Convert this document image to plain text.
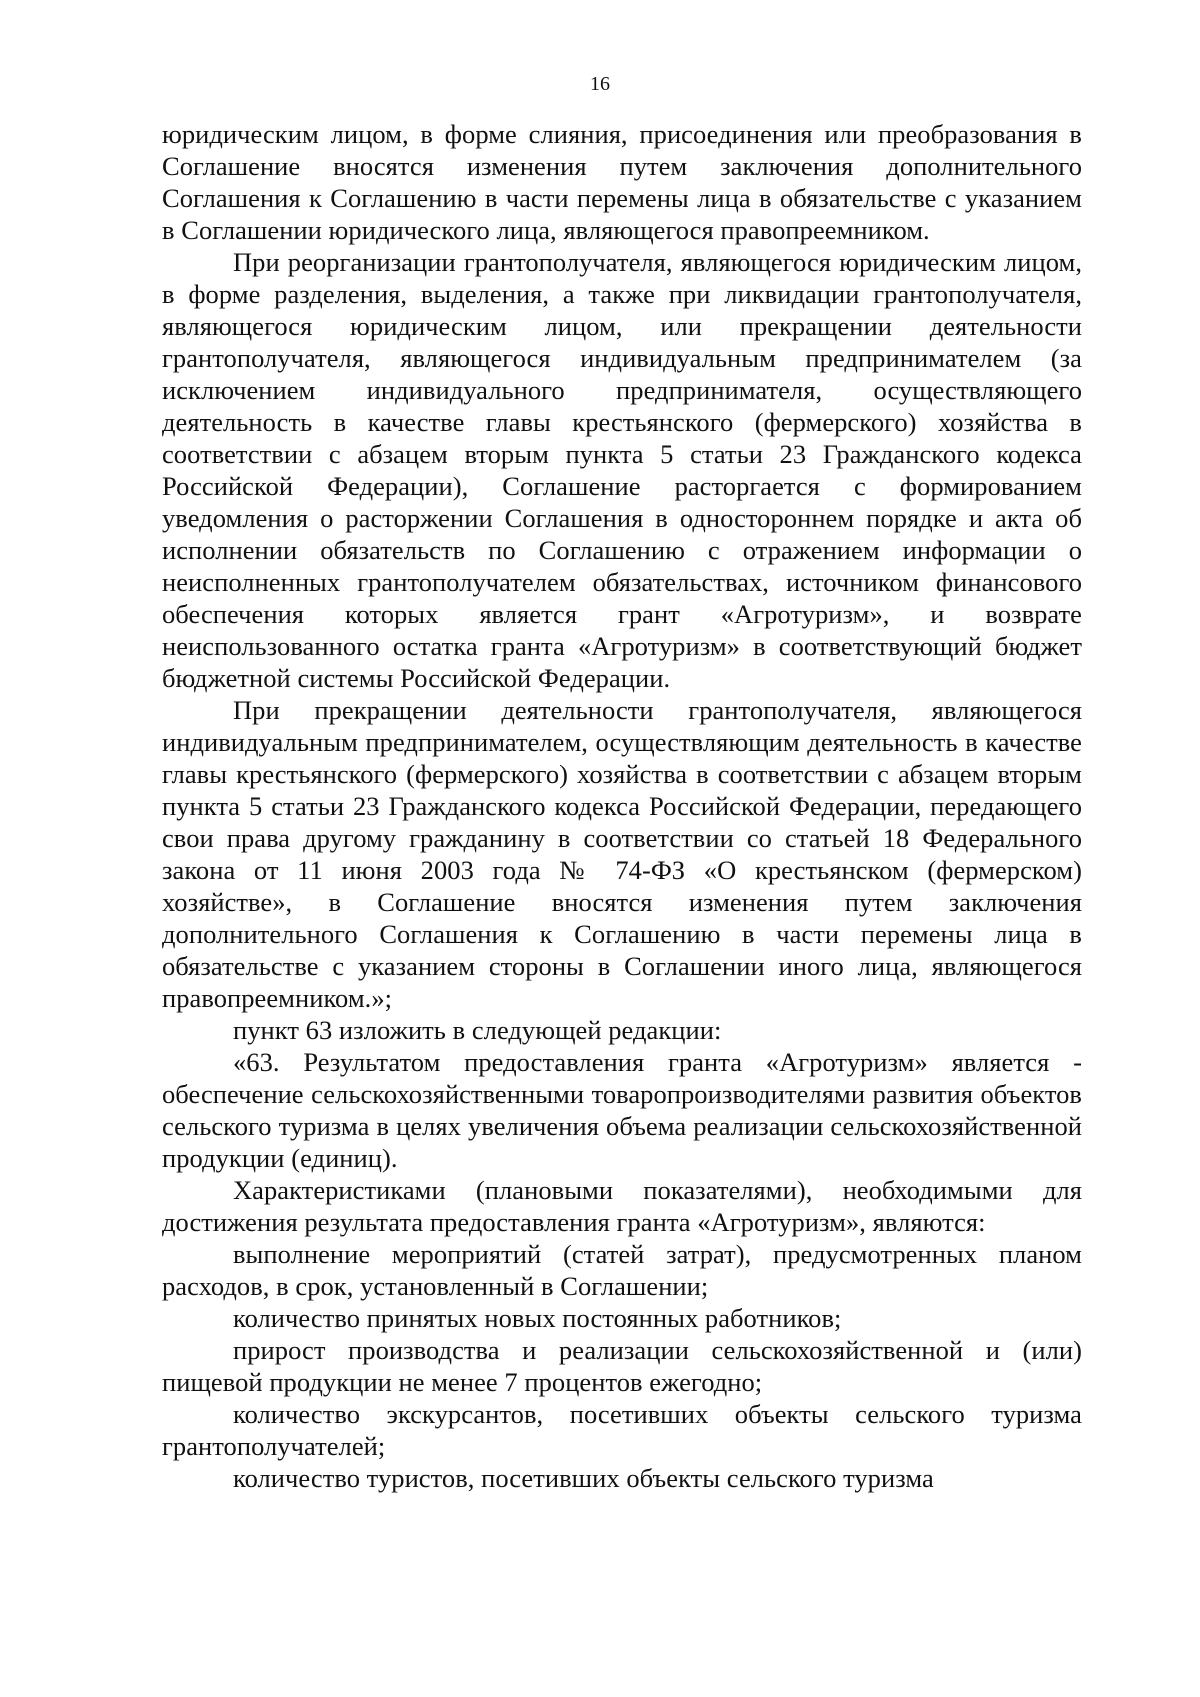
16

юридическим лицом, в форме слияния, присоединения или преобразования в Соглашение вносятся изменения путем заключения дополнительного Соглашения к Соглашению в части перемены лица в обязательстве с указанием в Соглашении юридического лица, являющегося правопреемником.

При реорганизации грантополучателя, являющегося юридическим лицом, в форме разделения, выделения, а также при ликвидации грантополучателя, являющегося юридическим лицом, или прекращении деятельности грантополучателя, являющегося индивидуальным предпринимателем (за исключением индивидуального предпринимателя, осуществляющего деятельность в качестве главы крестьянского (фермерского) хозяйства в соответствии с абзацем вторым пункта 5 статьи 23 Гражданского кодекса Российской Федерации), Соглашение расторгается с формированием уведомления о расторжении Соглашения в одностороннем порядке и акта об исполнении обязательств по Соглашению с отражением информации о неисполненных грантополучателем обязательствах, источником финансового обеспечения которых является грант «Агротуризм», и возврате неиспользованного остатка гранта «Агротуризм» в соответствующий бюджет бюджетной системы Российской Федерации.

При прекращении деятельности грантополучателя, являющегося индивидуальным предпринимателем, осуществляющим деятельность в качестве главы крестьянского (фермерского) хозяйства в соответствии с абзацем вторым пункта 5 статьи 23 Гражданского кодекса Российской Федерации, передающего свои права другому гражданину в соответствии со статьей 18 Федерального закона от 11 июня 2003 года № 74-ФЗ «О крестьянском (фермерском) хозяйстве», в Соглашение вносятся изменения путем заключения дополнительного Соглашения к Соглашению в части перемены лица в обязательстве с указанием стороны в Соглашении иного лица, являющегося правопреемником.»;

пункт 63 изложить в следующей редакции:

«63. Результатом предоставления гранта «Агротуризм» является - обеспечение сельскохозяйственными товаропроизводителями развития объектов сельского туризма в целях увеличения объема реализации сельскохозяйственной продукции (единиц).

Характеристиками (плановыми показателями), необходимыми для достижения результата предоставления гранта «Агротуризм», являются:

выполнение мероприятий (статей затрат), предусмотренных планом расходов, в срок, установленный в Соглашении;

количество принятых новых постоянных работников;

прирост производства и реализации сельскохозяйственной и (или) пищевой продукции не менее 7 процентов ежегодно;

количество экскурсантов, посетивших объекты сельского туризма грантополучателей;

количество туристов, посетивших объекты сельского туризма
